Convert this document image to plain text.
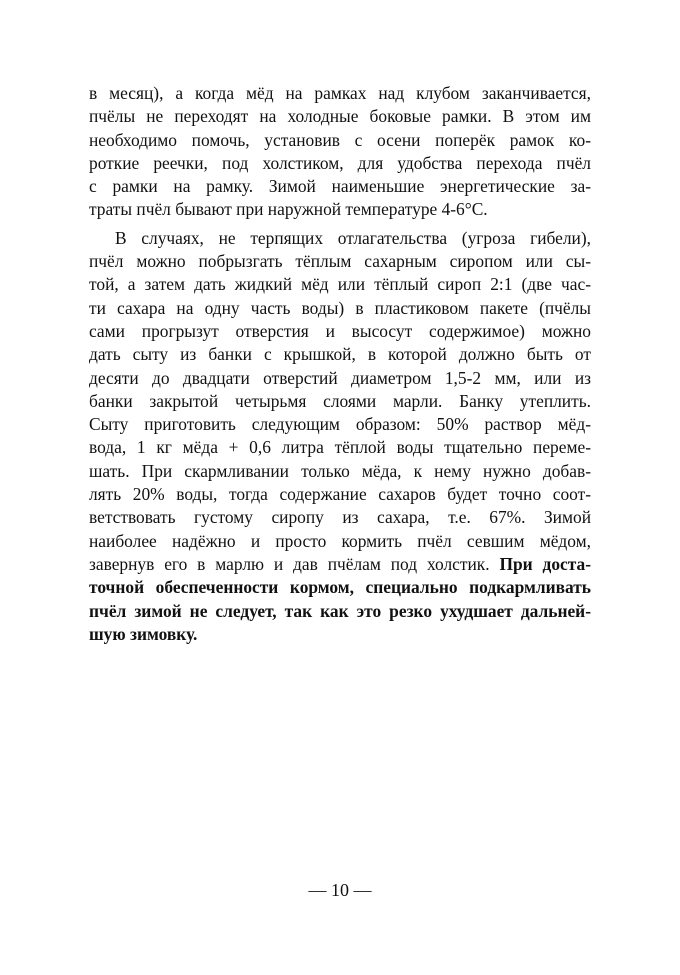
в месяц), а когда мёд на рамках над клубом заканчивается,
пчёлы не переходят на холодные боковые рамки. В этом им
необходимо помочь, установив с осени поперёк рамок ко-
роткие реечки, под холстиком, для удобства перехода пчёл
с рамки на рамку. Зимой наименьшие энергетические за-
траты пчёл бывают при наружной температуре 4-6°С.
В случаях, не терпящих отлагательства (угроза гибели),
пчёл можно побрызгать тёплым сахарным сиропом или сы-
той, а затем дать жидкий мёд или тёплый сироп 2:1 (две час-
ти сахара на одну часть воды) в пластиковом пакете (пчёлы
сами прогрызут отверстия и высосут содержимое) можно
дать сыту из банки с крышкой, в которой должно быть от
десяти до двадцати отверстий диаметром 1,5-2 мм, или из
банки закрытой четырьмя слоями марли. Банку утеплить.
Сыту приготовить следующим образом: 50% раствор мёд-
вода, 1 кг мёда + 0,6 литра тёплой воды тщательно переме-
шать. При скармливании только мёда, к нему нужно добав-
лять 20% воды, тогда содержание сахаров будет точно соот-
ветствовать густому сиропу из сахара, т.е. 67%. Зимой
наиболее надёжно и просто кормить пчёл севшим мёдом,
завернув его в марлю и дав пчёлам под холстик. При доста-
точной обеспеченности кормом, специально подкармливать
пчёл зимой не следует, так как это резко ухудшает дальней-
шую зимовку.
— 10 —
